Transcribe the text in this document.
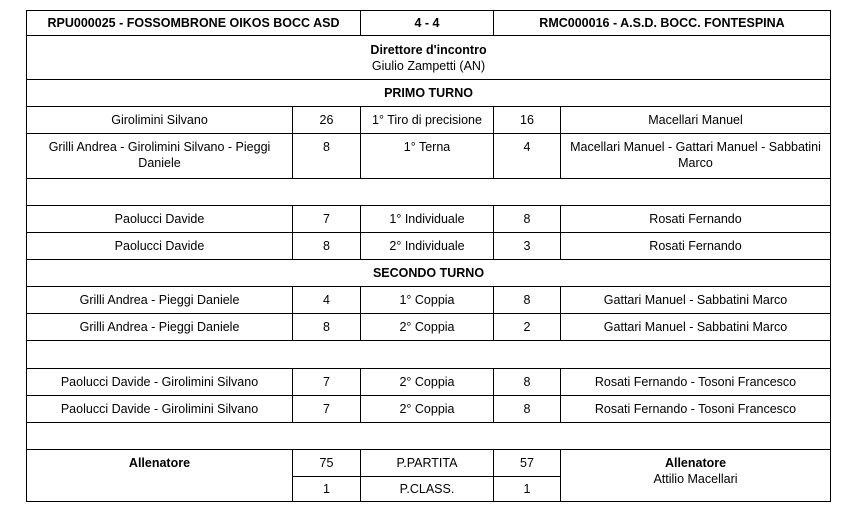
RPU000025 - FOSSOMBRONE OIKOS BOCC ASD		4 - 4	RMC000016 - A.S.D. BOCC. FONTESPINA	

Direttore d'incontro
Giulio Zampetti (AN)				

PRIMO TURNO				
Girolimini Silvano	26	1° Tiro di precisione	16	Macellari Manuel
Grilli Andrea - Girolimini Silvano - Pieggi Daniele	8	1° Terna	4	Macellari Manuel - Gattari Manuel - Sabbatini Marco

Paolucci Davide	7	1° Individuale	8	Rosati Fernando
Paolucci Davide	8	2° Individuale	3	Rosati Fernando
SECONDO TURNO				
Grilli Andrea - Pieggi Daniele	4	1° Coppia	8	Gattari Manuel - Sabbatini Marco
Grilli Andrea - Pieggi Daniele	8	2° Coppia	2	Gattari Manuel - Sabbatini Marco

Paolucci Davide - Girolimini Silvano	7	2° Coppia	8	Rosati Fernando - Tosoni Francesco
Paolucci Davide - Girolimini Silvano	7	2° Coppia	8	Rosati Fernando - Tosoni Francesco

Allenatore	75	P.PARTITA	57	Allenatore
Attilio Macellari

	1	P.CLASS.	1	
